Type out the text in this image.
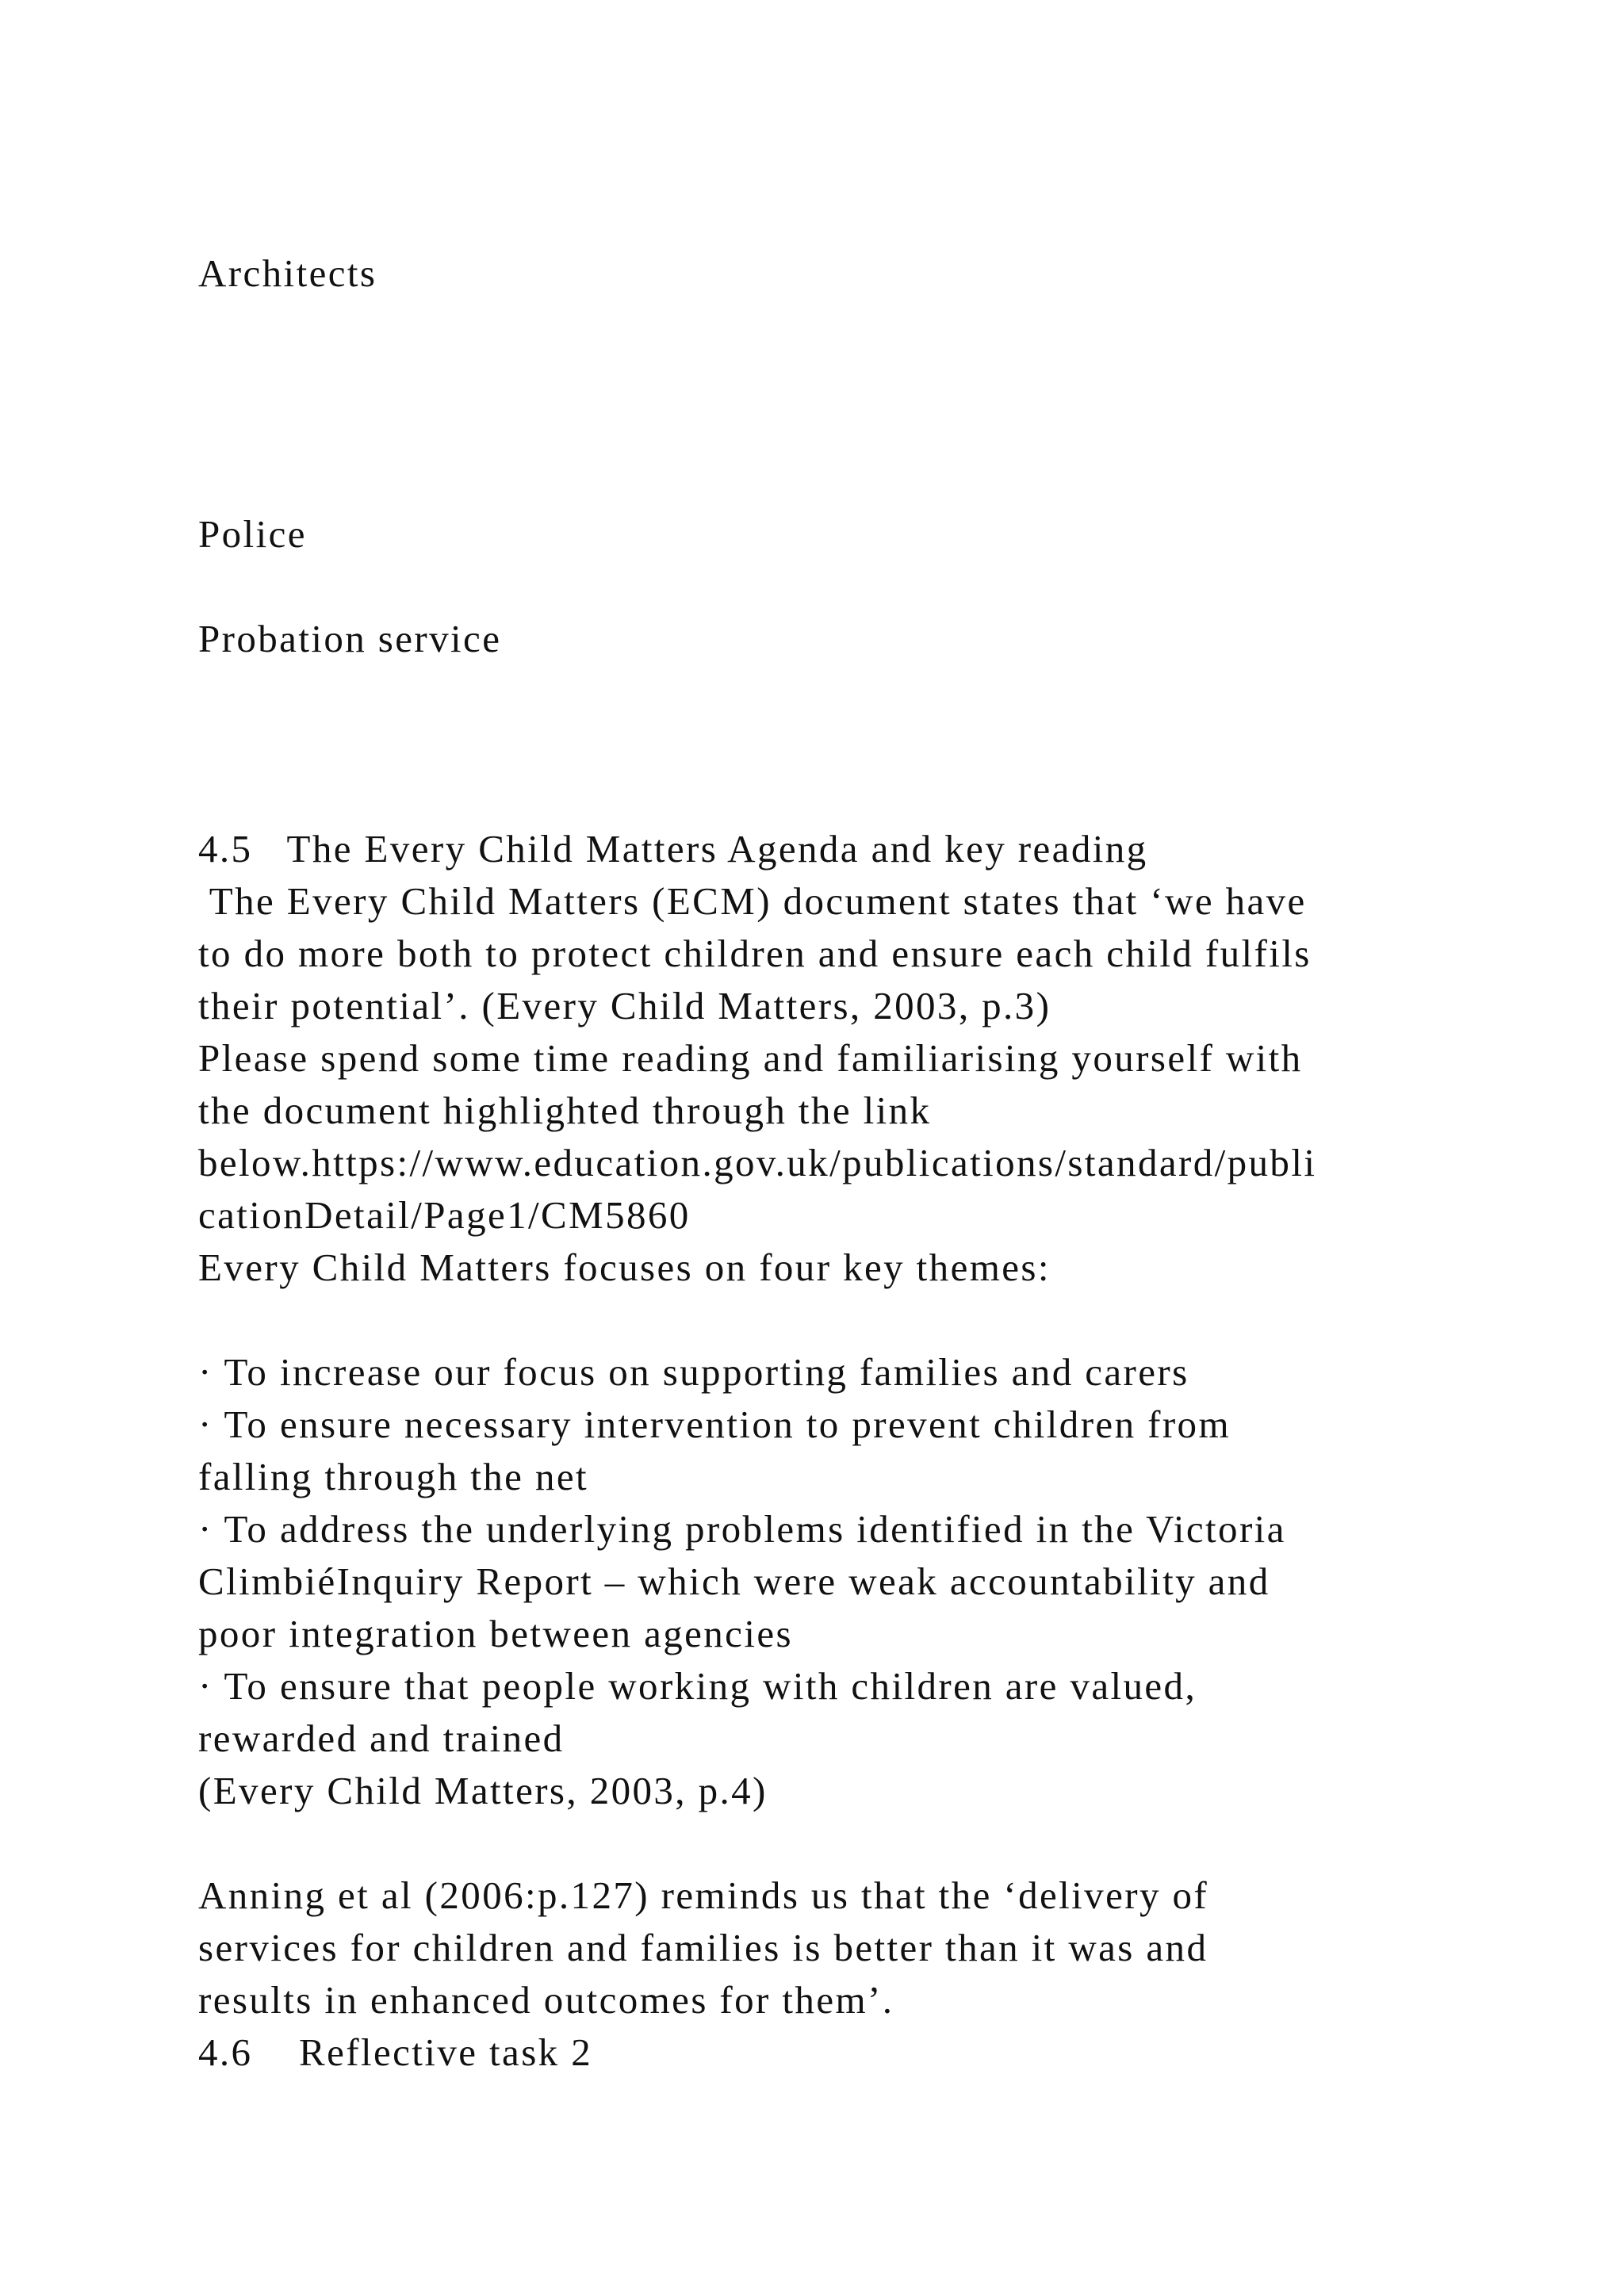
Architects
Police
Probation service
4.5   The Every Child Matters Agenda and key reading
The Every Child Matters (ECM) document states that ‘we have
to do more both to protect children and ensure each child fulfils
their potential’. (Every Child Matters, 2003, p.3)
Please spend some time reading and familiarising yourself with
the document highlighted through the link
below.https://www.education.gov.uk/publications/standard/publi
cationDetail/Page1/CM5860
Every Child Matters focuses on four key themes:
· To increase our focus on supporting families and carers
· To ensure necessary intervention to prevent children from
falling through the net
· To address the underlying problems identified in the Victoria
ClimbiéInquiry Report – which were weak accountability and
poor integration between agencies
· To ensure that people working with children are valued,
rewarded and trained
(Every Child Matters, 2003, p.4)
Anning et al (2006:p.127) reminds us that the ‘delivery of
services for children and families is better than it was and
results in enhanced outcomes for them’.
4.6    Reflective task 2
